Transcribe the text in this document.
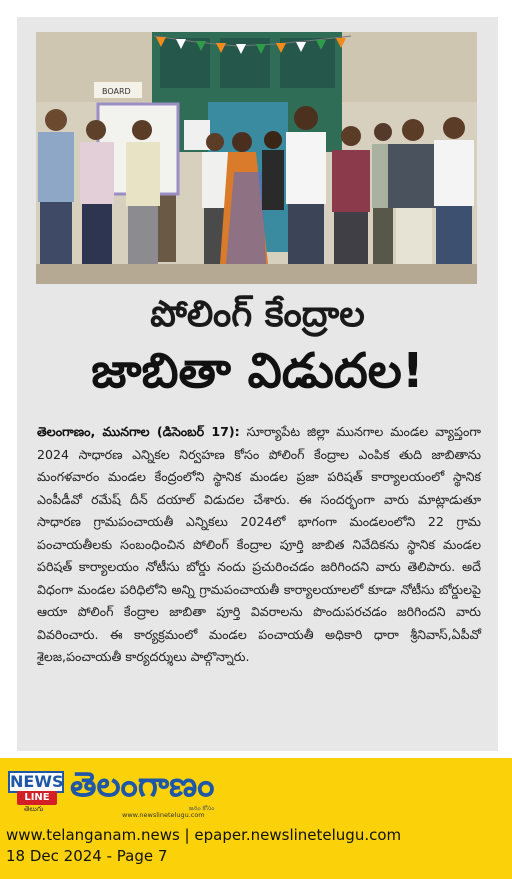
BOARD
పోలింగ్ కేంద్రాల
జాబితా విడుదల!

తెలంగాణం, మునగాల (డిసెంబర్ 17): సూర్యాపేట జిల్లా మునగాల మండల వ్యాప్తంగా 2024 సాధారణ ఎన్నికల నిర్వహణ కోసం పోలింగ్ కేంద్రాల ఎంపిక తుది జాబితాను మంగళవారం మండల కేంద్రంలోని స్థానిక మండల ప్రజా పరిషత్ కార్యాలయంలో స్థానిక ఎంపీడీవో రమేష్ దీన్ దయాల్ విడుదల చేశారు. ఈ సందర్భంగా వారు మాట్లాడుతూ సాధారణ గ్రామపంచాయతీ ఎన్నికలు 2024లో భాగంగా మండలంలోని 22 గ్రామ పంచాయతీలకు సంబంధించిన పోలింగ్ కేంద్రాల పూర్తి జాబిత నివేదికను స్థానిక మండల పరిషత్ కార్యాలయం నోటీసు బోర్డు నందు ప్రచురించడం జరిగిందని వారు తెలిపారు. అదే విధంగా మండల పరిధిలోని అన్ని గ్రామపంచాయతీ కార్యాలయాలలో కూడా నోటీసు బోర్డులపై ఆయా పోలింగ్ కేంద్రాల జాబితా పూర్తి వివరాలను పొందుపరచడం జరిగిందని వారు వివరించారు. ఈ కార్యక్రమంలో మండల పంచాయతీ అధికారి ధారా శ్రీనివాస్,ఏపీవో శైలజ,పంచాయతీ కార్యదర్శులు పాల్గొన్నారు.

NEWS
LINE
తెలుగు
తెలంగాణం
జనం కోసం
www.newslinetelugu.com
www.telanganam.news | epaper.newslinetelugu.com
18 Dec 2024 - Page 7
